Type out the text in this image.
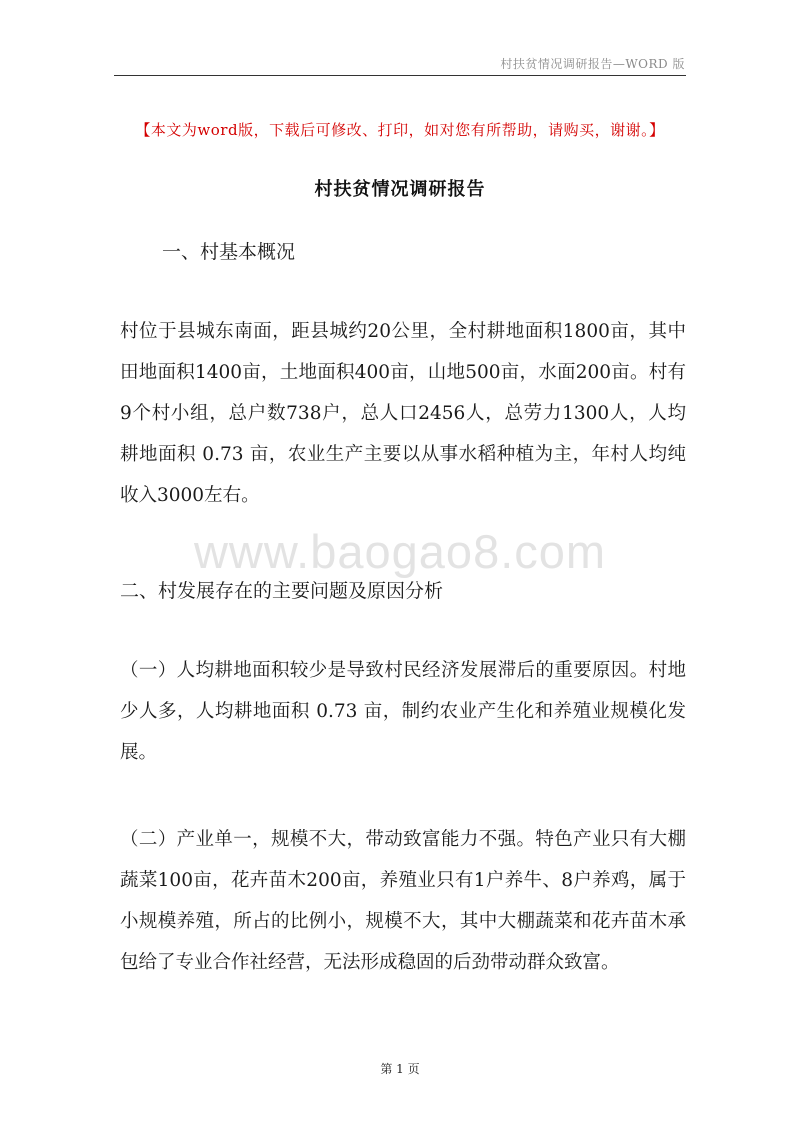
村扶贫情况调研报告—WORD 版
【本文为word版，下载后可修改、打印，如对您有所帮助，请购买，谢谢。】
村扶贫情况调研报告
一、村基本概况
村位于县城东南面，距县城约20公里，全村耕地面积1800亩，其中田地面积1400亩，土地面积400亩，山地500亩，水面200亩。村有9个村小组，总户数738户，总人口2456人，总劳力1300人，人均耕地面积 0.73 亩，农业生产主要以从事水稻种植为主，年村人均纯收入3000左右。
www.baogao8.com
二、村发展存在的主要问题及原因分析
（一）人均耕地面积较少是导致村民经济发展滞后的重要原因。村地少人多，人均耕地面积 0.73 亩，制约农业产生化和养殖业规模化发展。
（二）产业单一，规模不大，带动致富能力不强。特色产业只有大棚蔬菜100亩，花卉苗木200亩，养殖业只有1户养牛、8户养鸡，属于小规模养殖，所占的比例小，规模不大，其中大棚蔬菜和花卉苗木承包给了专业合作社经营，无法形成稳固的后劲带动群众致富。
第 1 页
